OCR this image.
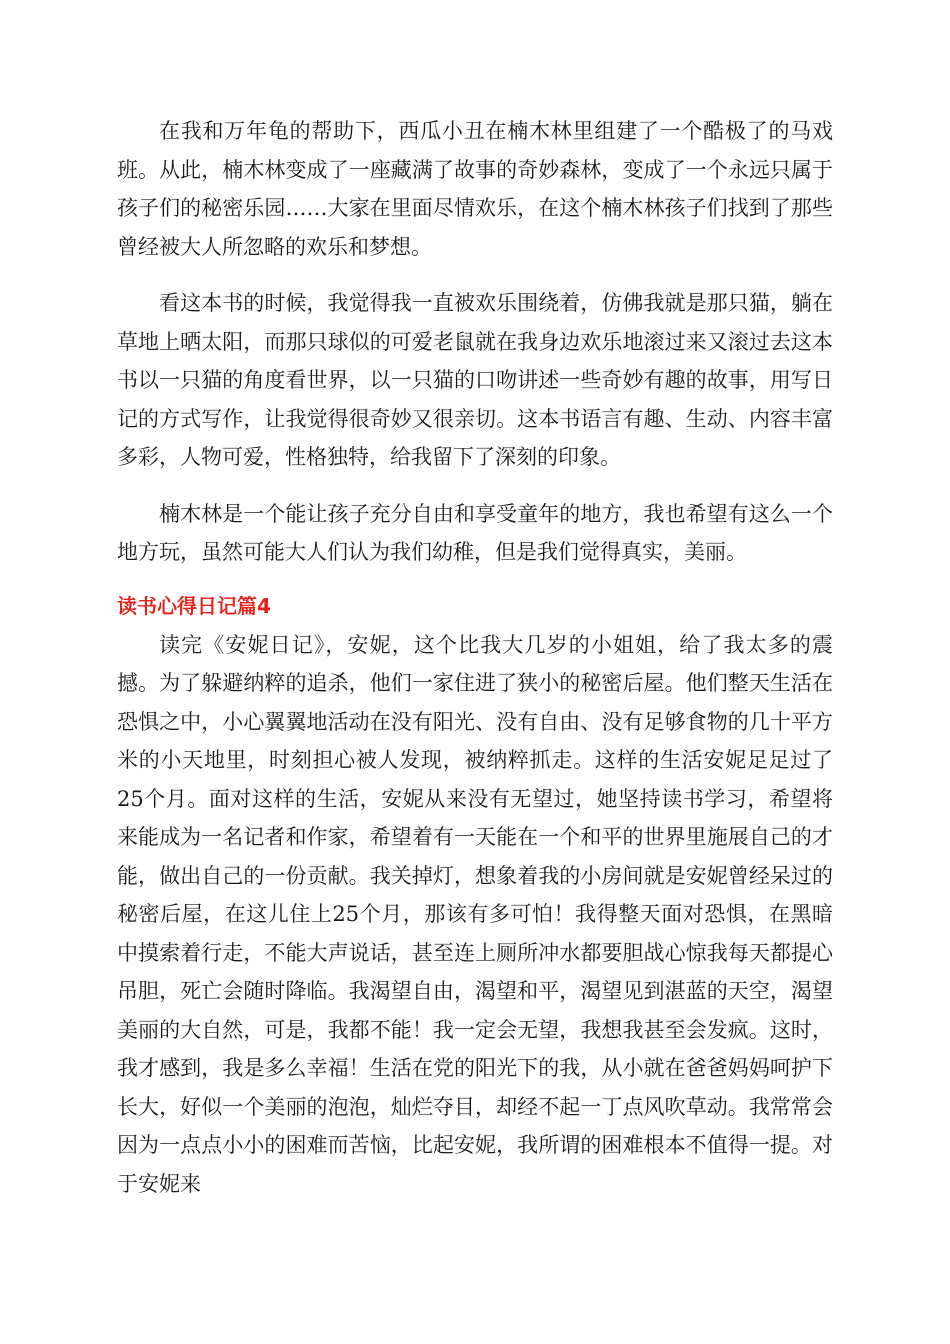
在我和万年龟的帮助下，西瓜小丑在楠木林里组建了一个酷极了的马戏班。从此，楠木林变成了一座藏满了故事的奇妙森林，变成了一个永远只属于孩子们的秘密乐园……大家在里面尽情欢乐，在这个楠木林孩子们找到了那些曾经被大人所忽略的欢乐和梦想。

看这本书的时候，我觉得我一直被欢乐围绕着，仿佛我就是那只猫，躺在草地上晒太阳，而那只球似的可爱老鼠就在我身边欢乐地滚过来又滚过去这本书以一只猫的角度看世界，以一只猫的口吻讲述一些奇妙有趣的故事，用写日记的方式写作，让我觉得很奇妙又很亲切。这本书语言有趣、生动、内容丰富多彩，人物可爱，性格独特，给我留下了深刻的印象。

楠木林是一个能让孩子充分自由和享受童年的地方，我也希望有这么一个地方玩，虽然可能大人们认为我们幼稚，但是我们觉得真实，美丽。

读书心得日记篇4

读完《安妮日记》，安妮，这个比我大几岁的小姐姐，给了我太多的震撼。为了躲避纳粹的追杀，他们一家住进了狭小的秘密后屋。他们整天生活在恐惧之中，小心翼翼地活动在没有阳光、没有自由、没有足够食物的几十平方米的小天地里，时刻担心被人发现，被纳粹抓走。这样的生活安妮足足过了25个月。面对这样的生活，安妮从来没有无望过，她坚持读书学习，希望将来能成为一名记者和作家，希望着有一天能在一个和平的世界里施展自己的才能，做出自己的一份贡献。我关掉灯，想象着我的小房间就是安妮曾经呆过的秘密后屋，在这儿住上25个月，那该有多可怕！我得整天面对恐惧，在黑暗中摸索着行走，不能大声说话，甚至连上厕所冲水都要胆战心惊我每天都提心吊胆，死亡会随时降临。我渴望自由，渴望和平，渴望见到湛蓝的天空，渴望美丽的大自然，可是，我都不能！我一定会无望，我想我甚至会发疯。这时，我才感到，我是多么幸福！生活在党的阳光下的我，从小就在爸爸妈妈呵护下长大，好似一个美丽的泡泡，灿烂夺目，却经不起一丁点风吹草动。我常常会因为一点点小小的困难而苦恼，比起安妮，我所谓的困难根本不值得一提。对于安妮来
